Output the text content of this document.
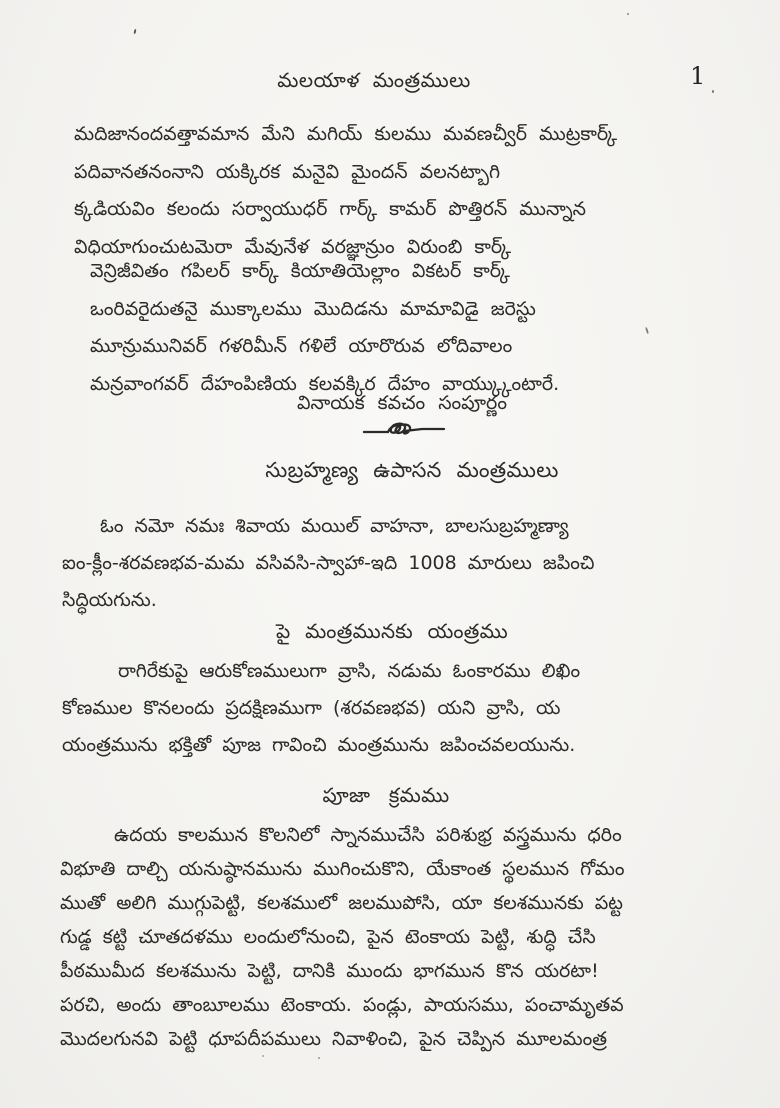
మలయాళ మంత్రములు	1
మదిజానందవత్తావమాన మేని మగియ్ కులము మవణచ్వీర్ ముట్రకార్క్
పదివానతనంనాని యక్కిరక మనైవి మైందన్ వలనట్బాగి
క్కడియవిం కలందు సర్వాయుధర్ గార్క్ కామర్ పొత్తిరన్ మున్నాన
విధియాగుంచుటమెరా మేవునేళ వరజ్ఞాన్రుం విరుంబి కార్క్
వెన్రిజీవితం గపిలర్ కార్క్ కియాతియెల్లాం వికటర్ కార్క్
ఒంరివరైదుతనై ముక్కాలము మొదిడను మామావిడై జరెస్టు
మూన్రుమునివర్ గళరిమీన్ గళిలే యారొరువ లోదివాలం
మన్రవాంగవర్ దేహంపిణియ కలవక్కిర దేహం వాయ్క్కుంటారే.
వినాయక కవచం సంపూర్ణం
సుబ్రహ్మణ్య ఉపాసన మంత్రములు
ఓం నమో నమః శివాయ మయిల్ వాహనా, బాలసుబ్రహ్మణ్యా
ఐం-క్లీం-శరవణభవ-మమ వసివసి-స్వాహా-ఇది 1008 మారులు జపించి
సిద్ధియగును.
పై మంత్రమునకు యంత్రము
రాగిరేకుపై ఆరుకోణములుగా వ్రాసి, నడుమ ఓంకారము లిఖిం
కోణముల కొనలందు ప్రదక్షిణముగా (శరవణభవ) యని వ్రాసి, య
యంత్రమును భక్తితో పూజ గావించి మంత్రమును జపించవలయును.
పూజా క్రమము
ఉదయ కాలమున కొలనిలో స్నానముచేసి పరిశుభ్ర వస్త్రమును ధరిం
విభూతి దాల్చి యనుష్ఠానమును ముగించుకొని, యేకాంత స్థలమున గోమం
ముతో అలిగి ముగ్గుపెట్టి, కలశములో జలముపోసి, యా కలశమునకు పట్ట
గుడ్డ కట్టి చూతదళము లందులోనుంచి, పైన టెంకాయ పెట్టి, శుద్ధి చేసి
పీఠముమీద కలశమును పెట్టి, దానికి ముందు భాగమున కొన యరటా!
పరచి, అందు తాంబూలము టెంకాయ. పండ్లు, పాయసము, పంచామృతవ
మొదలగునవి పెట్టి ధూపదీపములు నివాళించి, పైన చెప్పిన మూలమంత్ర
